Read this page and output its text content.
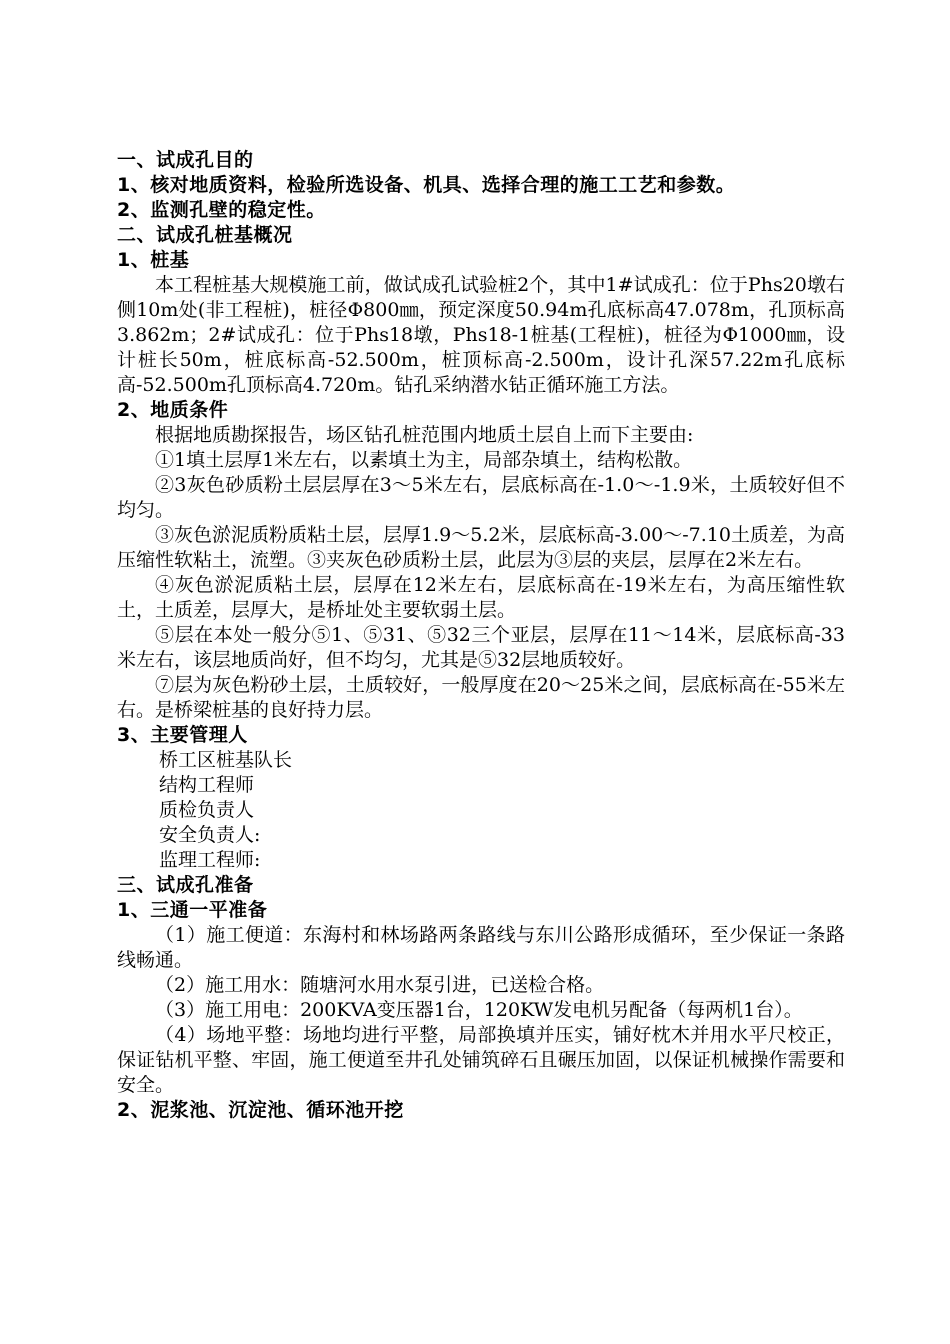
一、试成孔目的
1、核对地质资料，检验所选设备、机具、选择合理的施工工艺和参数。
2、监测孔壁的稳定性。
二、试成孔桩基概况
1、桩基
本工程桩基大规模施工前，做试成孔试验桩2个，其中1#试成孔：位于Phs20墩右侧10m处(非工程桩)，桩径Φ800㎜，预定深度50.94m孔底标高47.078m，孔顶标高3.862m；2#试成孔：位于Phs18墩，Phs18-1桩基(工程桩)，桩径为Φ1000㎜，设计桩长50m，桩底标高-52.500m，桩顶标高-2.500m，设计孔深57.22m孔底标高-52.500m孔顶标高4.720m。钻孔采纳潜水钻正循环施工方法。
2、地质条件
根据地质勘探报告，场区钻孔桩范围内地质土层自上而下主要由:
①1填土层厚1米左右，以素填土为主，局部杂填土，结构松散。
②3灰色砂质粉土层层厚在3～5米左右，层底标高在-1.0～-1.9米，土质较好但不均匀。
③灰色淤泥质粉质粘土层，层厚1.9～5.2米，层底标高-3.00～-7.10土质差，为高压缩性软粘土，流塑。③夹灰色砂质粉土层，此层为③层的夹层，层厚在2米左右。
④灰色淤泥质粘土层，层厚在12米左右，层底标高在-19米左右，为高压缩性软土，土质差，层厚大，是桥址处主要软弱土层。
⑤层在本处一般分⑤1、⑤31、⑤32三个亚层，层厚在11～14米，层底标高-33米左右，该层地质尚好，但不均匀，尤其是⑤32层地质较好。
⑦层为灰色粉砂土层，土质较好，一般厚度在20～25米之间，层底标高在-55米左右。是桥梁桩基的良好持力层。
3、主要管理人
桥工区桩基队长
结构工程师
质检负责人
安全负责人:
监理工程师:
三、试成孔准备
1、三通一平准备
（1）施工便道：东海村和林场路两条路线与东川公路形成循环，至少保证一条路线畅通。
（2）施工用水：随塘河水用水泵引进，已送检合格。
（3）施工用电：200KVA变压器1台，120KW发电机另配备（每两机1台）。
（4）场地平整：场地均进行平整，局部换填并压实，铺好枕木并用水平尺校正，保证钻机平整、牢固，施工便道至井孔处铺筑碎石且碾压加固，以保证机械操作需要和安全。
2、泥浆池、沉淀池、循环池开挖
